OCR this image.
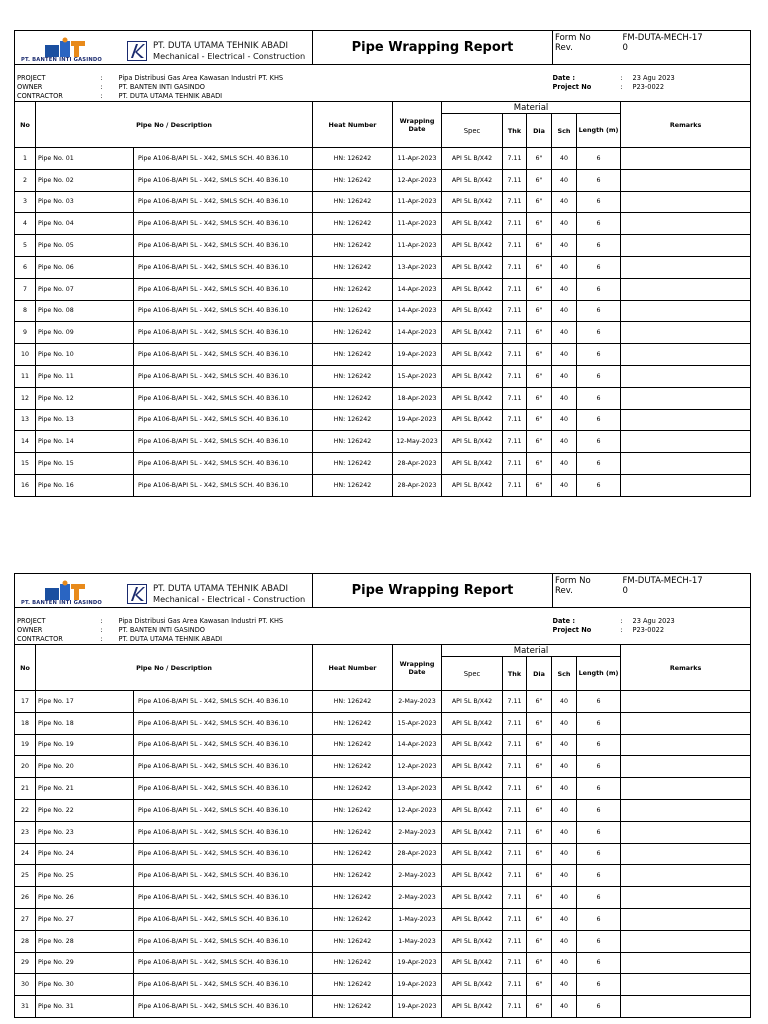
PT. BANTEN INTI GASINDO
PT. DUTA UTAMA TEHNIK ABADI
Mechanical - Electrical - Construction
	Pipe Wrapping Report	
Form No
Rev.

FM-DUTA-MECH-17
0

PROJECT	:	Pipa Distribusi Gas Area Kawasan Industri PT. KHS	Date :	:	23 Agu 2023
OWNER	:	PT. BANTEN INTI GASINDO	Project No	:	P23-0022
CONTRACTOR	:	PT. DUTA UTAMA TEHNIK ABADI			
No	Pipe No / Description		Heat Number	Wrapping Date	Material					Remarks
					Spec	Thk	Dia	Sch	Length (m)	
1	Pipe No. 01	Pipe A106-B/API 5L - X42, SMLS SCH. 40 B36.10	HN: 126242	11-Apr-2023	API 5L B/X42	7.11	6"	40	6	
2	Pipe No. 02	Pipe A106-B/API 5L - X42, SMLS SCH. 40 B36.10	HN: 126242	12-Apr-2023	API 5L B/X42	7.11	6"	40	6	
3	Pipe No. 03	Pipe A106-B/API 5L - X42, SMLS SCH. 40 B36.10	HN: 126242	11-Apr-2023	API 5L B/X42	7.11	6"	40	6	
4	Pipe No. 04	Pipe A106-B/API 5L - X42, SMLS SCH. 40 B36.10	HN: 126242	11-Apr-2023	API 5L B/X42	7.11	6"	40	6	
5	Pipe No. 05	Pipe A106-B/API 5L - X42, SMLS SCH. 40 B36.10	HN: 126242	11-Apr-2023	API 5L B/X42	7.11	6"	40	6	
6	Pipe No. 06	Pipe A106-B/API 5L - X42, SMLS SCH. 40 B36.10	HN: 126242	13-Apr-2023	API 5L B/X42	7.11	6"	40	6	
7	Pipe No. 07	Pipe A106-B/API 5L - X42, SMLS SCH. 40 B36.10	HN: 126242	14-Apr-2023	API 5L B/X42	7.11	6"	40	6	
8	Pipe No. 08	Pipe A106-B/API 5L - X42, SMLS SCH. 40 B36.10	HN: 126242	14-Apr-2023	API 5L B/X42	7.11	6"	40	6	
9	Pipe No. 09	Pipe A106-B/API 5L - X42, SMLS SCH. 40 B36.10	HN: 126242	14-Apr-2023	API 5L B/X42	7.11	6"	40	6	
10	Pipe No. 10	Pipe A106-B/API 5L - X42, SMLS SCH. 40 B36.10	HN: 126242	19-Apr-2023	API 5L B/X42	7.11	6"	40	6	
11	Pipe No. 11	Pipe A106-B/API 5L - X42, SMLS SCH. 40 B36.10	HN: 126242	15-Apr-2023	API 5L B/X42	7.11	6"	40	6	
12	Pipe No. 12	Pipe A106-B/API 5L - X42, SMLS SCH. 40 B36.10	HN: 126242	18-Apr-2023	API 5L B/X42	7.11	6"	40	6	
13	Pipe No. 13	Pipe A106-B/API 5L - X42, SMLS SCH. 40 B36.10	HN: 126242	19-Apr-2023	API 5L B/X42	7.11	6"	40	6	
14	Pipe No. 14	Pipe A106-B/API 5L - X42, SMLS SCH. 40 B36.10	HN: 126242	12-May-2023	API 5L B/X42	7.11	6"	40	6	
15	Pipe No. 15	Pipe A106-B/API 5L - X42, SMLS SCH. 40 B36.10	HN: 126242	28-Apr-2023	API 5L B/X42	7.11	6"	40	6	
16	Pipe No. 16	Pipe A106-B/API 5L - X42, SMLS SCH. 40 B36.10	HN: 126242	28-Apr-2023	API 5L B/X42	7.11	6"	40	6	
PT. BANTEN INTI GASINDO
PT. DUTA UTAMA TEHNIK ABADI
Mechanical - Electrical - Construction
	Pipe Wrapping Report	
Form No
Rev.

FM-DUTA-MECH-17
0

PROJECT	:	Pipa Distribusi Gas Area Kawasan Industri PT. KHS	Date :	:	23 Agu 2023
OWNER	:	PT. BANTEN INTI GASINDO	Project No	:	P23-0022
CONTRACTOR	:	PT. DUTA UTAMA TEHNIK ABADI			
No	Pipe No / Description		Heat Number	Wrapping Date	Material					Remarks
					Spec	Thk	Dia	Sch	Length (m)	
17	Pipe No. 17	Pipe A106-B/API 5L - X42, SMLS SCH. 40 B36.10	HN: 126242	2-May-2023	API 5L B/X42	7.11	6"	40	6	
18	Pipe No. 18	Pipe A106-B/API 5L - X42, SMLS SCH. 40 B36.10	HN: 126242	15-Apr-2023	API 5L B/X42	7.11	6"	40	6	
19	Pipe No. 19	Pipe A106-B/API 5L - X42, SMLS SCH. 40 B36.10	HN: 126242	14-Apr-2023	API 5L B/X42	7.11	6"	40	6	
20	Pipe No. 20	Pipe A106-B/API 5L - X42, SMLS SCH. 40 B36.10	HN: 126242	12-Apr-2023	API 5L B/X42	7.11	6"	40	6	
21	Pipe No. 21	Pipe A106-B/API 5L - X42, SMLS SCH. 40 B36.10	HN: 126242	13-Apr-2023	API 5L B/X42	7.11	6"	40	6	
22	Pipe No. 22	Pipe A106-B/API 5L - X42, SMLS SCH. 40 B36.10	HN: 126242	12-Apr-2023	API 5L B/X42	7.11	6"	40	6	
23	Pipe No. 23	Pipe A106-B/API 5L - X42, SMLS SCH. 40 B36.10	HN: 126242	2-May-2023	API 5L B/X42	7.11	6"	40	6	
24	Pipe No. 24	Pipe A106-B/API 5L - X42, SMLS SCH. 40 B36.10	HN: 126242	28-Apr-2023	API 5L B/X42	7.11	6"	40	6	
25	Pipe No. 25	Pipe A106-B/API 5L - X42, SMLS SCH. 40 B36.10	HN: 126242	2-May-2023	API 5L B/X42	7.11	6"	40	6	
26	Pipe No. 26	Pipe A106-B/API 5L - X42, SMLS SCH. 40 B36.10	HN: 126242	2-May-2023	API 5L B/X42	7.11	6"	40	6	
27	Pipe No. 27	Pipe A106-B/API 5L - X42, SMLS SCH. 40 B36.10	HN: 126242	1-May-2023	API 5L B/X42	7.11	6"	40	6	
28	Pipe No. 28	Pipe A106-B/API 5L - X42, SMLS SCH. 40 B36.10	HN: 126242	1-May-2023	API 5L B/X42	7.11	6"	40	6	
29	Pipe No. 29	Pipe A106-B/API 5L - X42, SMLS SCH. 40 B36.10	HN: 126242	19-Apr-2023	API 5L B/X42	7.11	6"	40	6	
30	Pipe No. 30	Pipe A106-B/API 5L - X42, SMLS SCH. 40 B36.10	HN: 126242	19-Apr-2023	API 5L B/X42	7.11	6"	40	6	
31	Pipe No. 31	Pipe A106-B/API 5L - X42, SMLS SCH. 40 B36.10	HN: 126242	19-Apr-2023	API 5L B/X42	7.11	6"	40	6	
